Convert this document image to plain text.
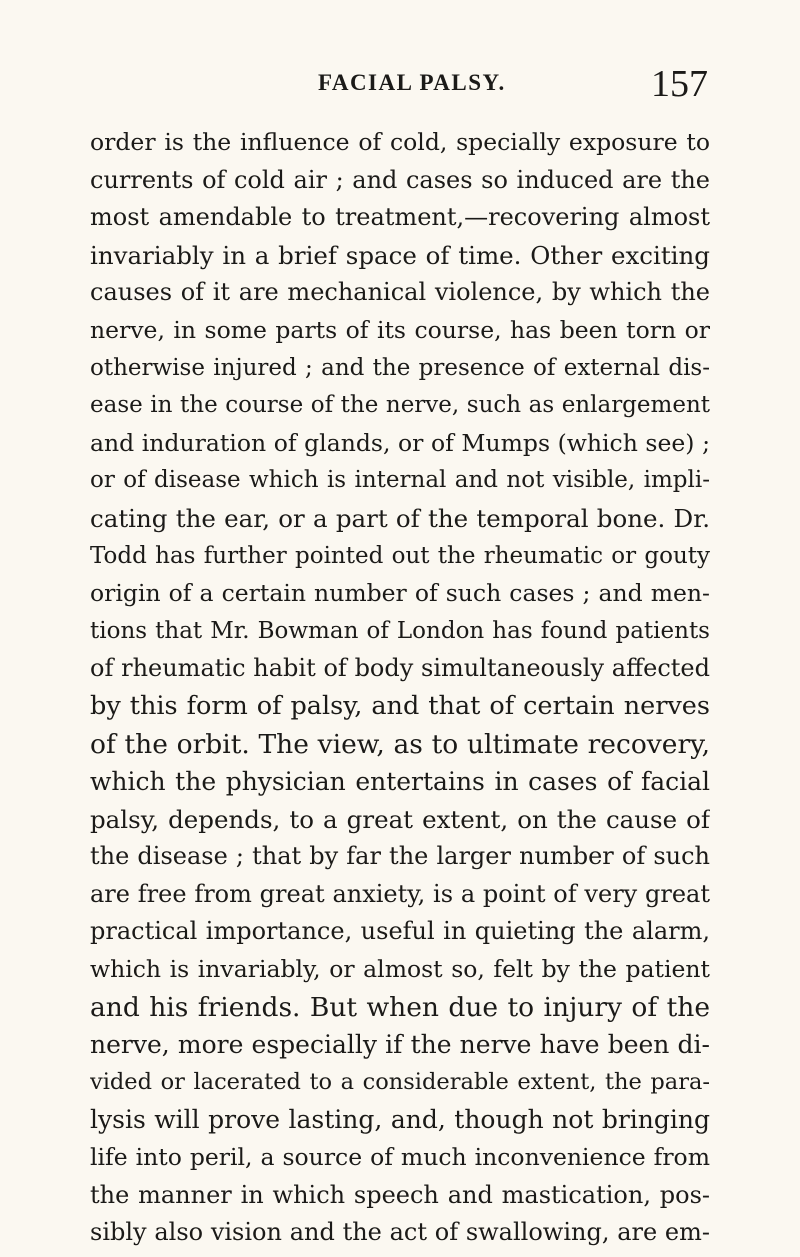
FACIAL PALSY.	157
order is the influence of cold, specially exposure to
currents of cold air ; and cases so induced are the
most amendable to treatment,—recovering almost
invariably in a brief space of time. Other exciting
causes of it are mechanical violence, by which the
nerve, in some parts of its course, has been torn or
otherwise injured ; and the presence of external dis-
ease in the course of the nerve, such as enlargement
and induration of glands, or of Mumps (which see) ;
or of disease which is internal and not visible, impli-
cating the ear, or a part of the temporal bone. Dr.
Todd has further pointed out the rheumatic or gouty
origin of a certain number of such cases ; and men-
tions that Mr. Bowman of London has found patients
of rheumatic habit of body simultaneously affected
by this form of palsy, and that of certain nerves
of the orbit. The view, as to ultimate recovery,
which the physician entertains in cases of facial
palsy, depends, to a great extent, on the cause of
the disease ; that by far the larger number of such
are free from great anxiety, is a point of very great
practical importance, useful in quieting the alarm,
which is invariably, or almost so, felt by the patient
and his friends. But when due to injury of the
nerve, more especially if the nerve have been di-
vided or lacerated to a considerable extent, the para-
lysis will prove lasting, and, though not bringing
life into peril, a source of much inconvenience from
the manner in which speech and mastication, pos-
sibly also vision and the act of swallowing, are em-
